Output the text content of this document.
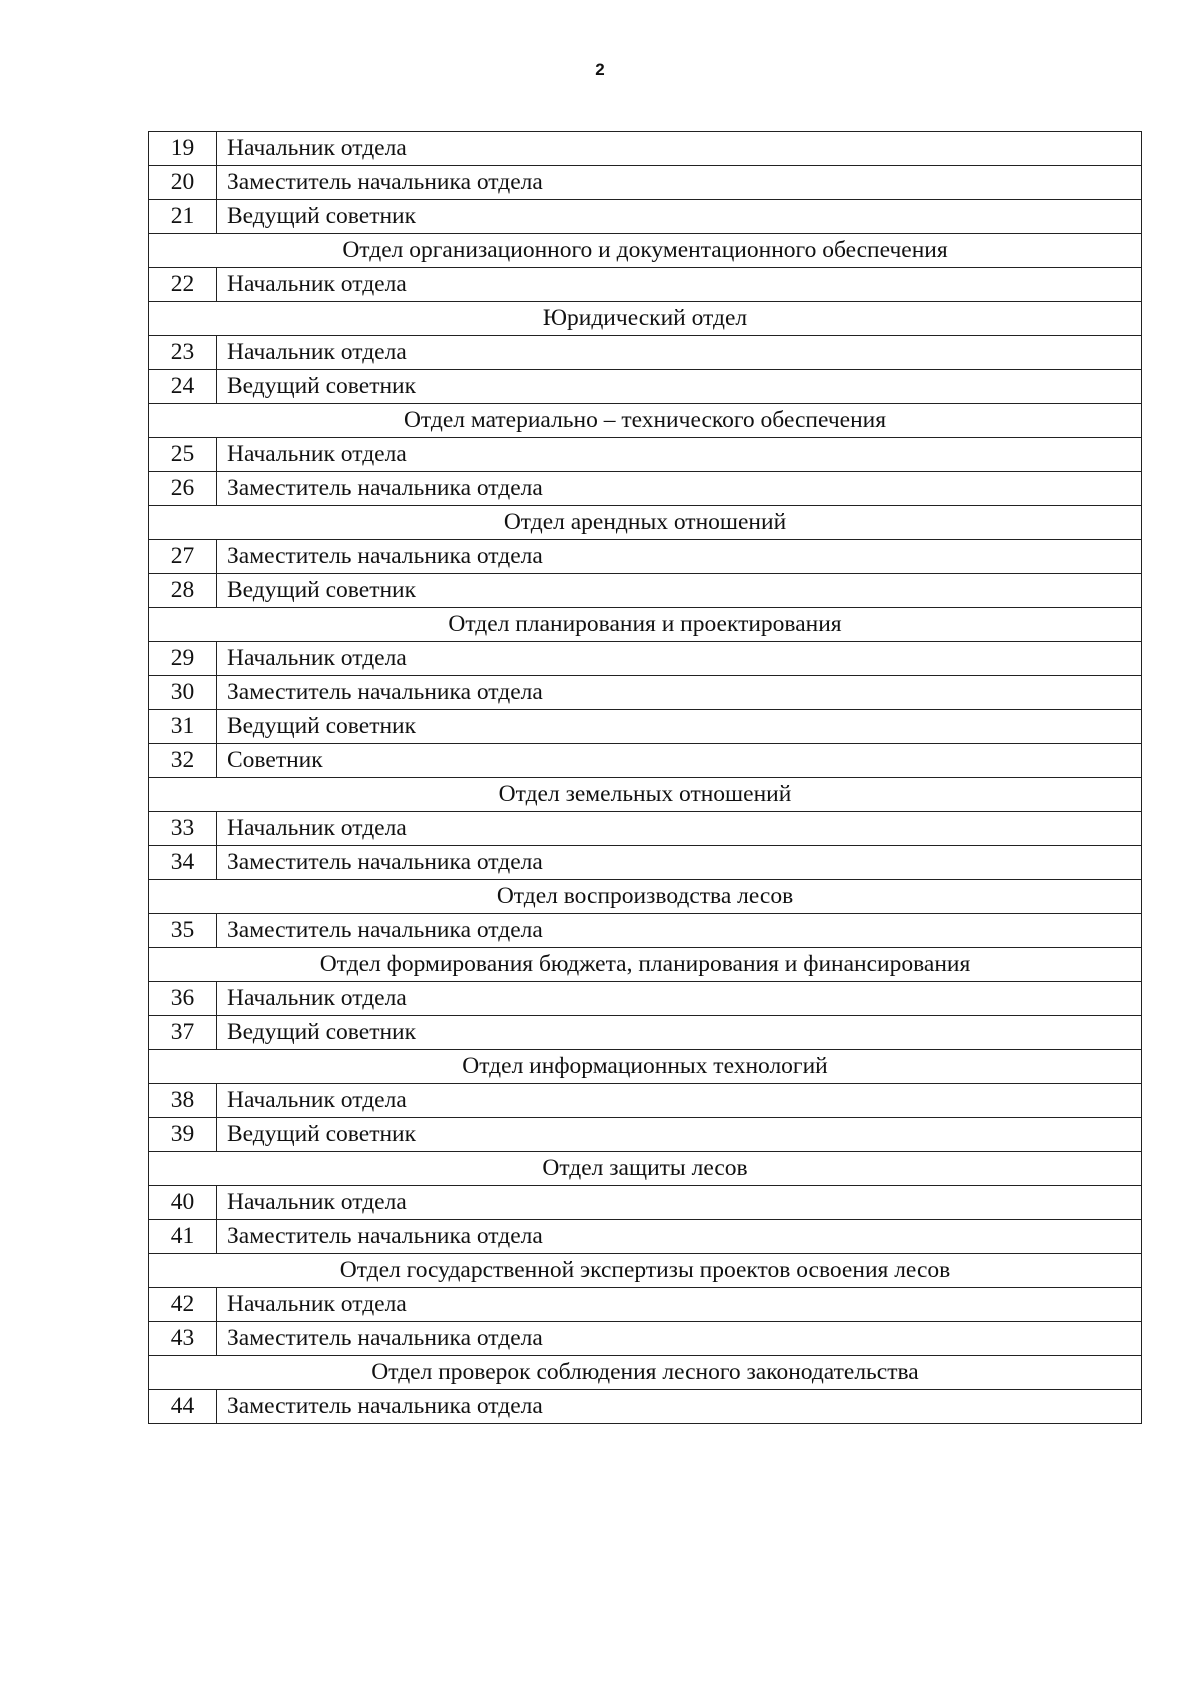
2
19	Начальник отдела
20	Заместитель начальника отдела
21	Ведущий советник
Отдел организационного и документационного обеспечения	
22	Начальник отдела
Юридический отдел	
23	Начальник отдела
24	Ведущий советник
Отдел материально – технического обеспечения	
25	Начальник отдела
26	Заместитель начальника отдела
Отдел арендных отношений	
27	Заместитель начальника отдела
28	Ведущий советник
Отдел планирования и проектирования	
29	Начальник отдела
30	Заместитель начальника отдела
31	Ведущий советник
32	Советник
Отдел земельных отношений	
33	Начальник отдела
34	Заместитель начальника отдела
Отдел воспроизводства лесов	
35	Заместитель начальника отдела
Отдел формирования бюджета, планирования и финансирования	
36	Начальник отдела
37	Ведущий советник
Отдел информационных технологий	
38	Начальник отдела
39	Ведущий советник
Отдел защиты лесов	
40	Начальник отдела
41	Заместитель начальника отдела
Отдел государственной экспертизы проектов освоения лесов	
42	Начальник отдела
43	Заместитель начальника отдела
Отдел проверок соблюдения лесного законодательства	
44	Заместитель начальника отдела
